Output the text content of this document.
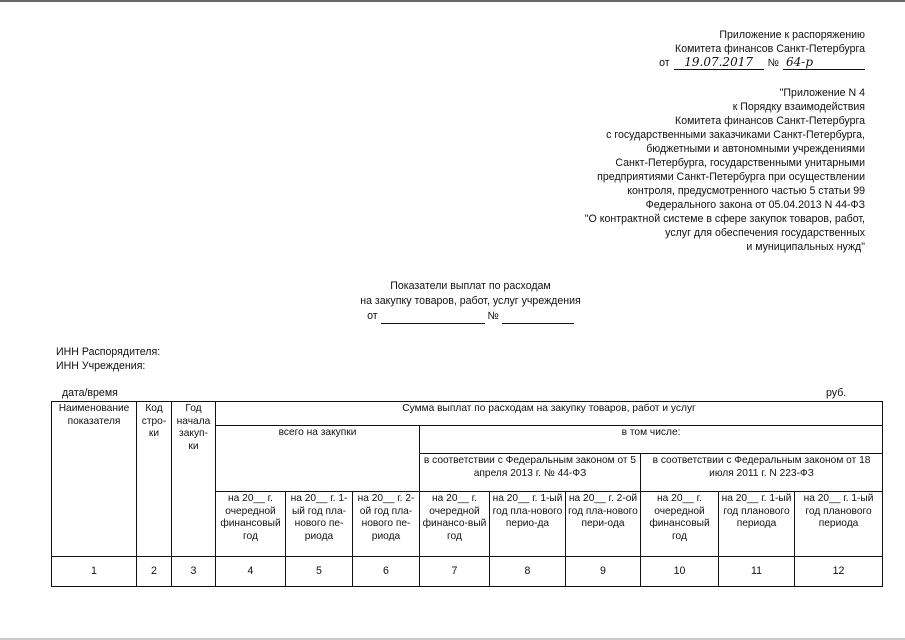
Приложение к распоряжению
Комитета финансов Санкт-Петербурга
от	19.07.2017	№ 64-р
"Приложение N 4
к Порядку взаимодействия
Комитета финансов Санкт-Петербурга
с государственными заказчиками Санкт-Петербурга,
бюджетными и автономными учреждениями
Санкт-Петербурга, государственными унитарными
предприятиями Санкт-Петербурга при осуществлении
контроля, предусмотренного частью 5 статьи 99
Федерального закона от 05.04.2013 N 44-ФЗ
"О контрактной системе в сфере закупок товаров, работ,
услуг для обеспечения государственных
и муниципальных нужд"
Показатели выплат по расходам
на закупку товаров, работ, услуг учреждения
от	№
ИНН Распорядителя:
ИНН Учреждения:
дата/время	руб.
Наименование показателя	Код стро-ки	Год начала закуп-ки	Сумма выплат по расходам на закупку товаров, работ и услуг								
			всего на закупки			в том числе:					
						в соответствии с Федеральным законом от 5 апреля 2013 г. № 44-ФЗ			в соответствии с Федеральным законом от 18 июля 2011 г. N 223-ФЗ		
			на 20__ г. очередной финансовый год	на 20__ г. 1-ый год пла-нового пе-риода	на 20__ г. 2-ой год пла-нового пе-риода	на 20__ г. очередной финансо-вый год	на 20__ г. 1-ый год пла-нового перио-да	на 20__ г. 2-ой год пла-нового пери-ода	на 20__ г. очередной финансовый год	на 20__ г. 1-ый год планового периода	на 20__ г. 1-ый год планового периода
1	2	3	4	5	6	7	8	9	10	11	12
